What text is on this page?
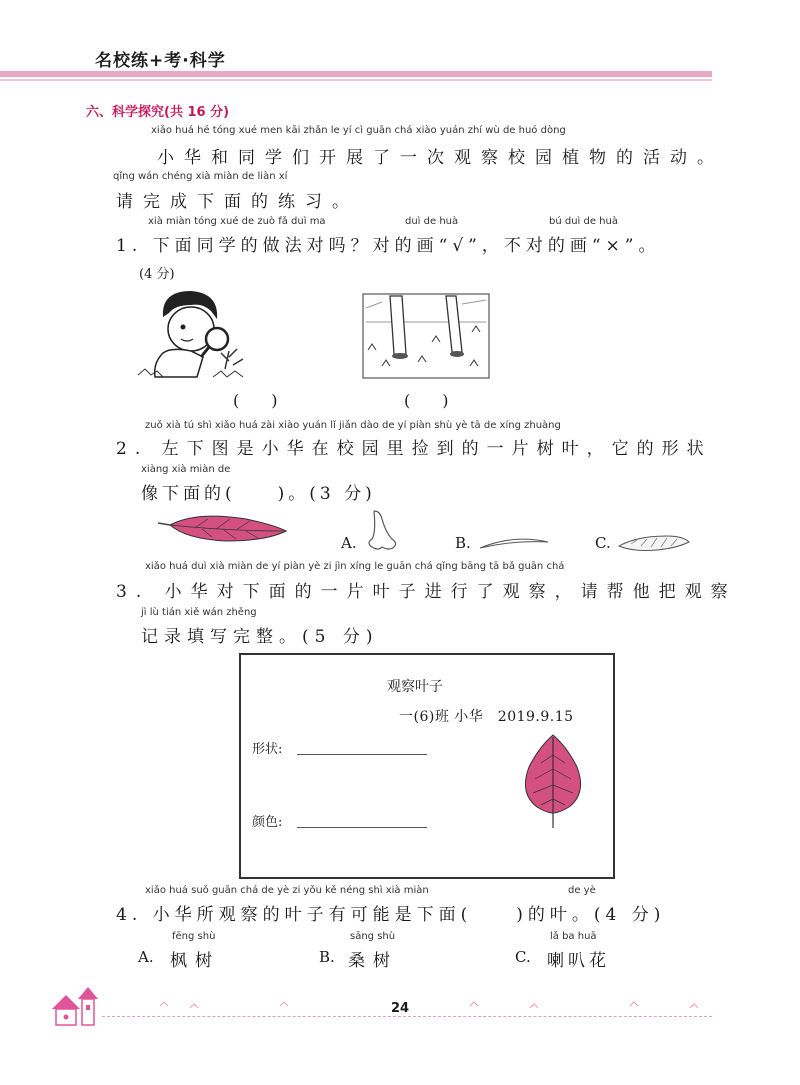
名校练+考·科学
六、科学探究(共 16 分)
xiǎo huá hé tóng xué men kāi zhǎn le yí cì guān chá xiào yuán zhí wù de huó dòng
小华和同学们开展了一次观察校园植物的活动。
qǐng wán chéng xià miàn de liàn xí
请完成下面的练习。
xià miàn tóng xué de zuò fǎ duì ma	duì de huà	bú duì de huà
1. 下面同学的做法对吗？对的画“√”，不对的画“×”。
(4 分)
(　　)	(　　)
zuǒ xià tú shì xiǎo huá zài xiào yuán lǐ jiǎn dào de yí piàn shù yè tā de xíng zhuàng
2. 左下图是小华在校园里捡到的一片树叶，它的形状
xiàng xià miàn de
像下面的(　　)。(3 分)
A.	B.	C.
xiǎo huá duì xià miàn de yí piàn yè zi jìn xíng le guān chá qǐng bāng tā bǎ guān chá
3. 小华对下面的一片叶子进行了观察，请帮他把观察
jì lù tián xiě wán zhěng
记录填写完整。(5 分)
观察叶子
一(6)班 小华　2019.9.15
形状:
颜色:
xiǎo huá suǒ guān chá de yè zi yǒu kě néng shì xià miàn	de yè
4. 小华所观察的叶子有可能是下面(　　)的叶。(4 分)
fēng shù
A. 枫树
sāng shù
B. 桑树
lǎ ba huā
C. 喇叭花
24
